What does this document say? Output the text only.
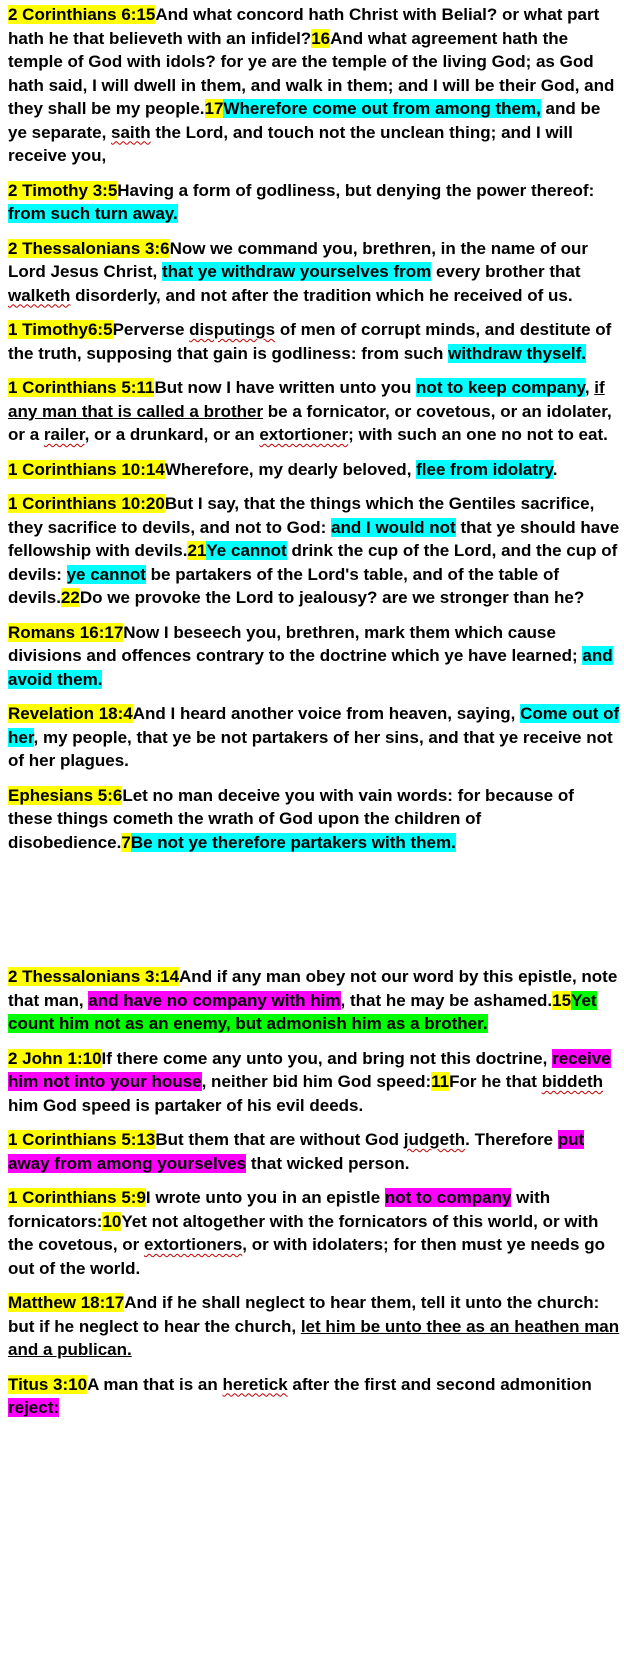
2 Corinthians 6:15And what concord hath Christ with Belial? or what part hath he that believeth with an infidel?16And what agreement hath the temple of God with idols? for ye are the temple of the living God; as God hath said, I will dwell in them, and walk in them; and I will be their God, and they shall be my people.17Wherefore come out from among them, and be ye separate, saith the Lord, and touch not the unclean thing; and I will receive you,

2 Timothy 3:5Having a form of godliness, but denying the power thereof: from such turn away.

2 Thessalonians 3:6Now we command you, brethren, in the name of our Lord Jesus Christ, that ye withdraw yourselves from every brother that walketh disorderly, and not after the tradition which he received of us.

1 Timothy6:5Perverse disputings of men of corrupt minds, and destitute of the truth, supposing that gain is godliness: from such withdraw thyself.

1 Corinthians 5:11But now I have written unto you not to keep company, if any man that is called a brother be a fornicator, or covetous, or an idolater, or a railer, or a drunkard, or an extortioner; with such an one no not to eat.

1 Corinthians 10:14Wherefore, my dearly beloved, flee from idolatry.

1 Corinthians 10:20But I say, that the things which the Gentiles sacrifice, they sacrifice to devils, and not to God: and I would not that ye should have fellowship with devils.21Ye cannot drink the cup of the Lord, and the cup of devils: ye cannot be partakers of the Lord's table, and of the table of devils.22Do we provoke the Lord to jealousy? are we stronger than he?

Romans 16:17Now I beseech you, brethren, mark them which cause divisions and offences contrary to the doctrine which ye have learned; and avoid them.

Revelation 18:4And I heard another voice from heaven, saying, Come out of her, my people, that ye be not partakers of her sins, and that ye receive not of her plagues.

Ephesians 5:6Let no man deceive you with vain words: for because of these things cometh the wrath of God upon the children of disobedience.7Be not ye therefore partakers with them.

2 Thessalonians 3:14And if any man obey not our word by this epistle, note that man, and have no company with him, that he may be ashamed.15Yet count him not as an enemy, but admonish him as a brother.

2 John 1:10If there come any unto you, and bring not this doctrine, receive him not into your house, neither bid him God speed:11For he that biddeth him God speed is partaker of his evil deeds.

1 Corinthians 5:13But them that are without God judgeth. Therefore put away from among yourselves that wicked person.

1 Corinthians 5:9I wrote unto you in an epistle not to company with fornicators:10Yet not altogether with the fornicators of this world, or with the covetous, or extortioners, or with idolaters; for then must ye needs go out of the world.

Matthew 18:17And if he shall neglect to hear them, tell it unto the church: but if he neglect to hear the church, let him be unto thee as an heathen man and a publican.

Titus 3:10A man that is an heretick after the first and second admonition reject:
